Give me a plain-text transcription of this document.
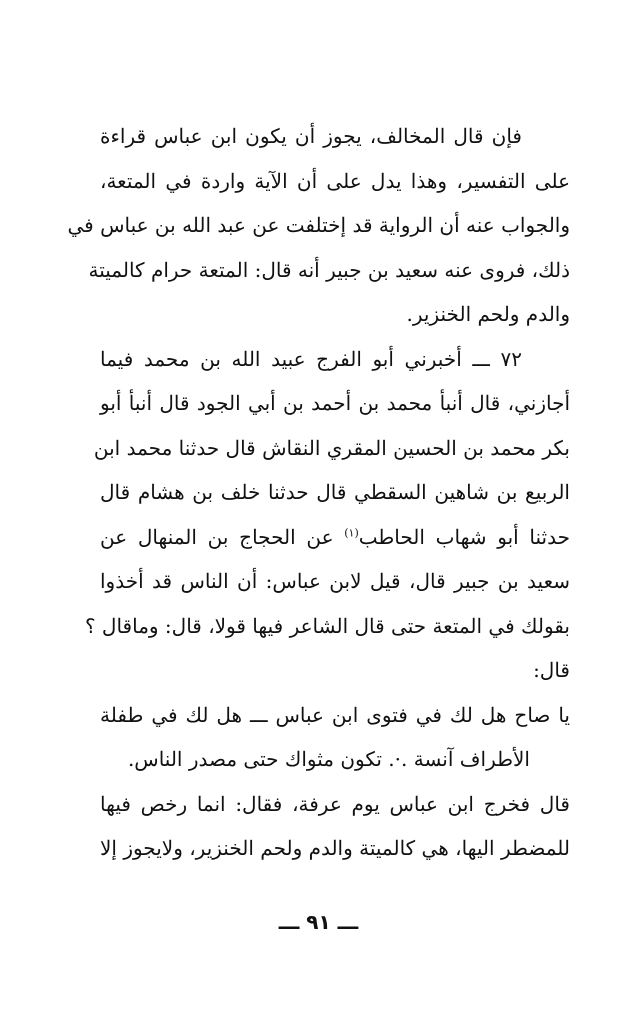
فإن قال المخالف، يجوز أن يكون ابن عباس قراءة
على التفسير، وهذا يدل على أن الآية واردة في المتعة،
والجواب عنه أن الرواية قد إختلفت عن عبد الله بن عباس في
ذلك، فروى عنه سعيد بن جبير أنه قال: المتعة حرام كالميتة
والدم ولحم الخنزير.
٧٢ ـــ أخبرني أبو الفرج عبيد الله بن محمد فيما
أجازني، قال أنبأ محمد بن أحمد بن أبي الجود قال أنبأ أبو
بكر محمد بن الحسين المقري النقاش قال حدثنا محمد ابن
الربيع بن شاهين السقطي قال حدثنا خلف بن هشام قال
حدثنا أبو شهاب الحاطب$^{(١)}$ عن الحجاج بن المنهال عن
سعيد بن جبير قال، قيل لابن عباس: أن الناس قد أخذوا
بقولك في المتعة حتى قال الشاعر فيها قولا، قال: وماقال ؟
قال:
يا صاح هل لك في فتوى ابن عباس ـــ هل لك في طفلة
الأطراف آنسة .·. تكون مثواك حتى مصدر الناس.
قال فخرج ابن عباس يوم عرفة، فقال: انما رخص فيها
للمضطر اليها، هي كالميتة والدم ولحم الخنزير، ولايجوز إلا
ـــ ٩١ ـــ
